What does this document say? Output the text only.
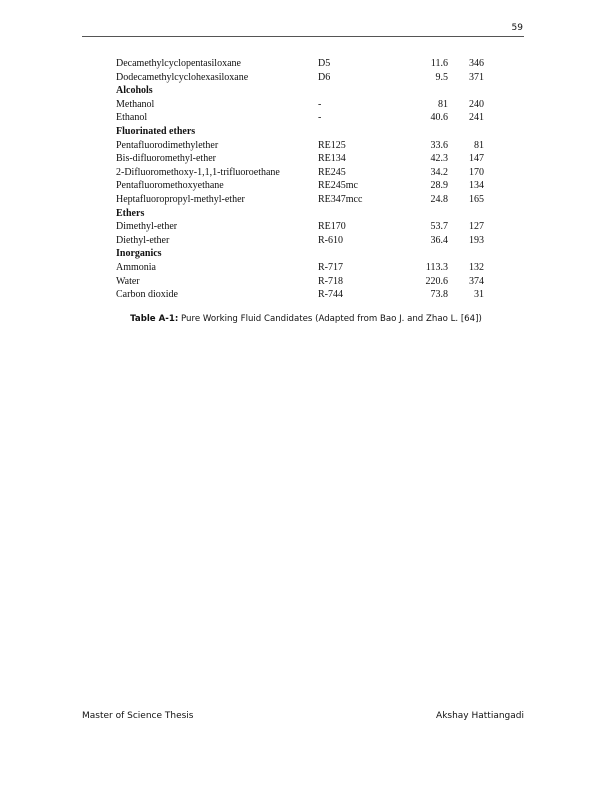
59
Decamethylcyclopentasiloxane	D5	11.6	346
Dodecamethylcyclohexasiloxane	D6	9.5	371
Alcohols
Methanol	-	81	240
Ethanol	-	40.6	241
Fluorinated ethers
Pentafluorodimethylether	RE125	33.6	81
Bis-difluoromethyl-ether	RE134	42.3	147
2-Difluoromethoxy-1,1,1-trifluoroethane	RE245	34.2	170
Pentafluoromethoxyethane	RE245mc	28.9	134
Heptafluoropropyl-methyl-ether	RE347mcc	24.8	165
Ethers
Dimethyl-ether	RE170	53.7	127
Diethyl-ether	R-610	36.4	193
Inorganics
Ammonia	R-717	113.3	132
Water	R-718	220.6	374
Carbon dioxide	R-744	73.8	31
Table A-1: Pure Working Fluid Candidates (Adapted from Bao J. and Zhao L. [64])
Master of Science Thesis	Akshay Hattiangadi
